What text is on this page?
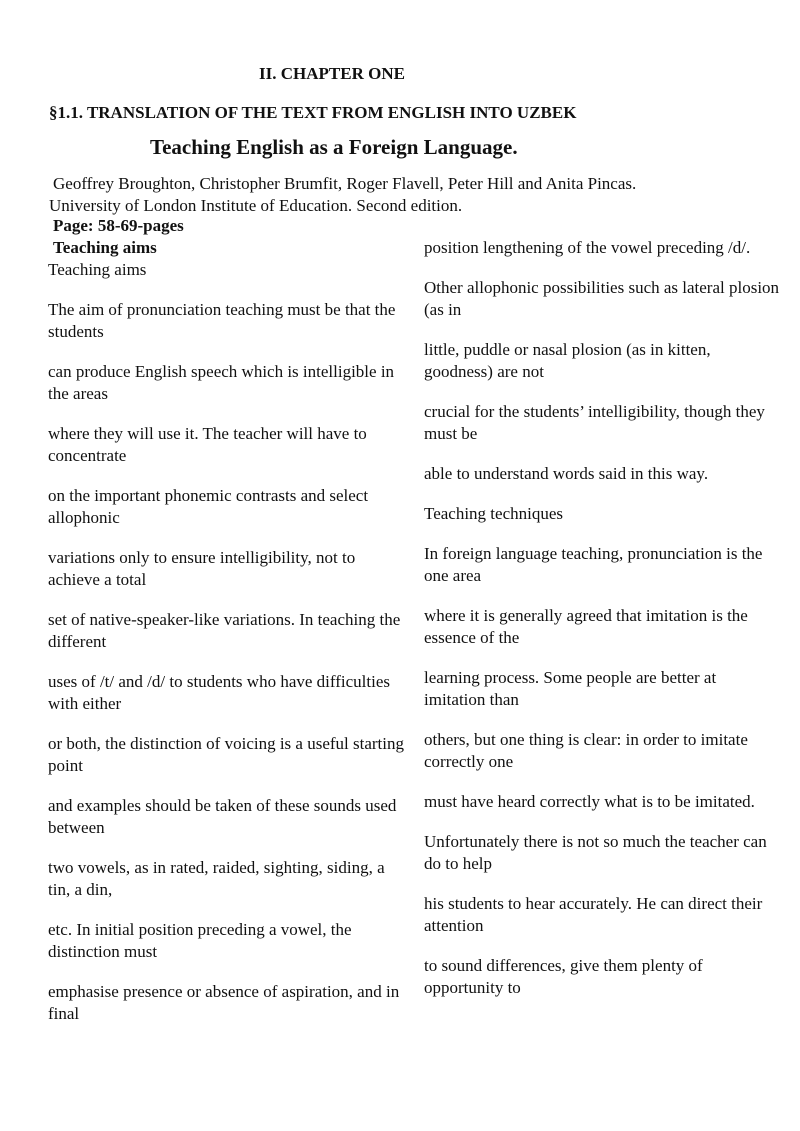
II. CHAPTER ONE
§1.1. TRANSLATION OF THE TEXT FROM ENGLISH INTO UZBEK
Teaching English as a Foreign Language.
Geoffrey Broughton, Christopher Brumfit, Roger Flavell, Peter Hill and Anita Pincas.
University of London Institute of Education. Second edition.
Page: 58-69-pages

Teaching aims

Teaching aims

The aim of pronunciation teaching must be that the students

can produce English speech which is intelligible in the areas

where they will use it. The teacher will have to concentrate

on the important phonemic contrasts and select allophonic

variations only to ensure intelligibility, not to achieve a total

set of native-speaker-like variations. In teaching the different

uses of /t/ and /d/ to students who have difficulties with either

or both, the distinction of voicing is a useful starting point

and examples should be taken of these sounds used between

two vowels, as in rated, raided, sighting, siding, a tin, a din,

etc. In initial position preceding a vowel, the distinction must

emphasise presence or absence of aspiration, and in final

position lengthening of the vowel preceding /d/.

Other allophonic possibilities such as lateral plosion (as in

little, puddle or nasal plosion (as in kitten, goodness) are not

crucial for the students’ intelligibility, though they must be

able to understand words said in this way.

Teaching techniques

In foreign language teaching, pronunciation is the one area

where it is generally agreed that imitation is the essence of the

learning process. Some people are better at imitation than

others, but one thing is clear: in order to imitate correctly one

must have heard correctly what is to be imitated.

Unfortunately there is not so much the teacher can do to help

his students to hear accurately. He can direct their attention

to sound differences, give them plenty of opportunity to
